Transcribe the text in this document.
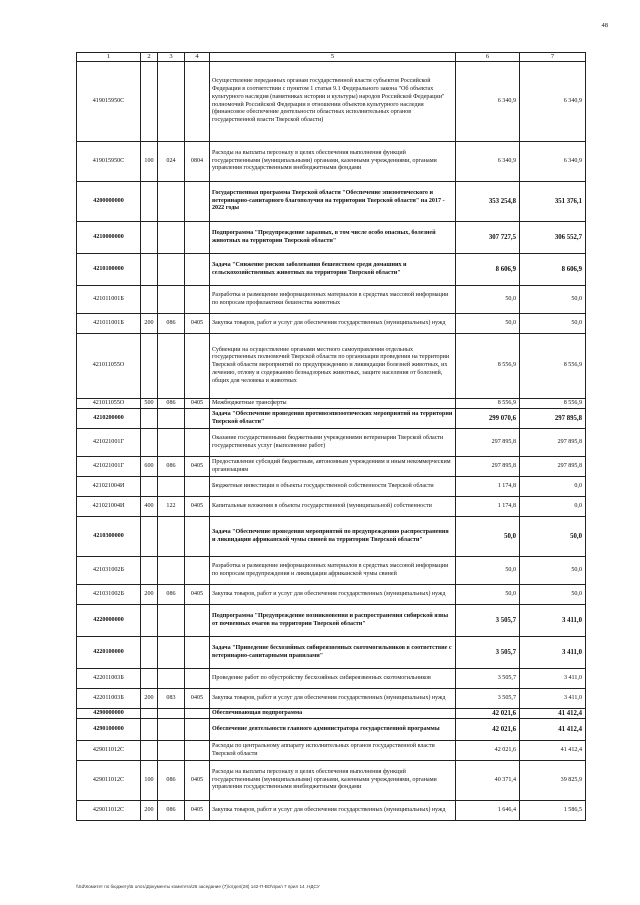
48
1	2	3	4	5	6	7
419015950C				Осуществление переданных органам государственной власти субъектов Российской Федерации в соответствии с пунктом 1 статьи 9.1 Федерального закона "Об объектах культурного наследия (памятниках истории и культуры) народов Российской Федерации" полномочий Российской Федерации в отношении объектов культурного наследия (финансовое обеспечение деятельности областных исполнительных органов государственной власти Тверской области)	6 340,9	6 340,9
419015950C	100	024	0804	Расходы на выплаты персоналу в целях обеспечения выполнения функций государственными (муниципальными) органами, казенными учреждениями, органами управления государственными внебюджетными фондами	6 340,9	6 340,9
4200000000				Государственная программа Тверской области "Обеспечение эпизоотического и ветеринарно-санитарного благополучия на территории Тверской области" на 2017 - 2022 годы	353 254,8	351 376,1
4210000000				Подпрограмма "Предупреждение заразных, в том числе особо опасных, болезней животных на территории Тверской области"	307 727,5	306 552,7
4210100000				Задача "Снижение рисков заболевания бешенством среди домашних и сельскохозяйственных животных на территории Тверской области"	8 606,9	8 606,9
421011001Б				Разработка и размещение информационных материалов в средствах массовой информации по вопросам профилактики бешенства животных	50,0	50,0
421011001Б	200	086	0405	Закупка товаров, работ и услуг для обеспечения государственных (муниципальных) нужд	50,0	50,0
421011055О				Субвенции на осуществление органами местного самоуправления отдельных государственных полномочий Тверской области по организации проведения на территории Тверской области мероприятий по предупреждению и ликвидации болезней животных, их лечению, отлову и содержанию безнадзорных животных, защите населения от болезней, общих для человека и животных	8 556,9	8 556,9
421011055О	500	086	0405	Межбюджетные трансферты	8 556,9	8 556,9
4210200000				Задача "Обеспечение проведения противоэпизоотических мероприятий на территории Тверской области"	299 070,6	297 895,8
421021001Г				Оказание государственными бюджетными учреждениями ветеринарии Тверской области государственных услуг (выполнение работ)	297 895,8	297 895,8
421021001Г	600	086	0405	Предоставление субсидий бюджетным, автономным учреждениям и иным некоммерческим организациям	297 895,8	297 895,8
421021004И				Бюджетные инвестиции в объекты государственной собственности Тверской области	1 174,8	0,0
421021004И	400	122	0405	Капитальные вложения в объекты государственной (муниципальной) собственности	1 174,8	0,0
4210300000				Задача "Обеспечение проведения мероприятий по предупреждению распространения и ликвидации африканской чумы свиней на территории Тверской области"	50,0	50,0
421031002Б				Разработка и размещение информационных материалов в средствах массовой информации по вопросам предупреждения и ликвидации африканской чумы свиней	50,0	50,0
421031002Б	200	086	0405	Закупка товаров, работ и услуг для обеспечения государственных (муниципальных) нужд	50,0	50,0
4220000000				Подпрограмма "Предупреждение возникновения и распространения сибирской язвы от почвенных очагов на территории Тверской области"	3 505,7	3 411,0
4220100000				Задача "Приведение бесхозяйных сибиреязвенных скотомогильников в соответствие с ветеринарно-санитарными правилами"	3 505,7	3 411,0
422011003Б				Проведение работ по обустройству бесхозяйных сибиреязвенных скотомогильников	3 505,7	3 411,0
422011003Б	200	083	0405	Закупка товаров, работ и услуг для обеспечения государственных (муниципальных) нужд	3 505,7	3 411,0
4290000000				Обеспечивающая подпрограмма	42 021,6	41 412,4
4290100000				Обеспечение деятельности главного администратора государственной программы	42 021,6	41 412,4
429011012С				Расходы по центральному аппарату исполнительных органов государственной власти Тверской области	42 021,6	41 412,4
429011012С	100	086	0405	Расходы на выплаты персоналу в целях обеспечения выполнения функций государственными (муниципальными) органами, казенными учреждениями, органами управления государственными внебюджетными фондами	40 371,4	39 825,9
429011012С	200	086	0405	Закупка товаров, работ и услуг для обеспечения государственных (муниципальных) нужд	1 646,4	1 586,5
\\Sd\Комитет по бюджету\Б олоъ\Документы комитета\26 заседание (7)\отдел(28) 142-П-ВО\прил 7 прил 14 .НДСУ
